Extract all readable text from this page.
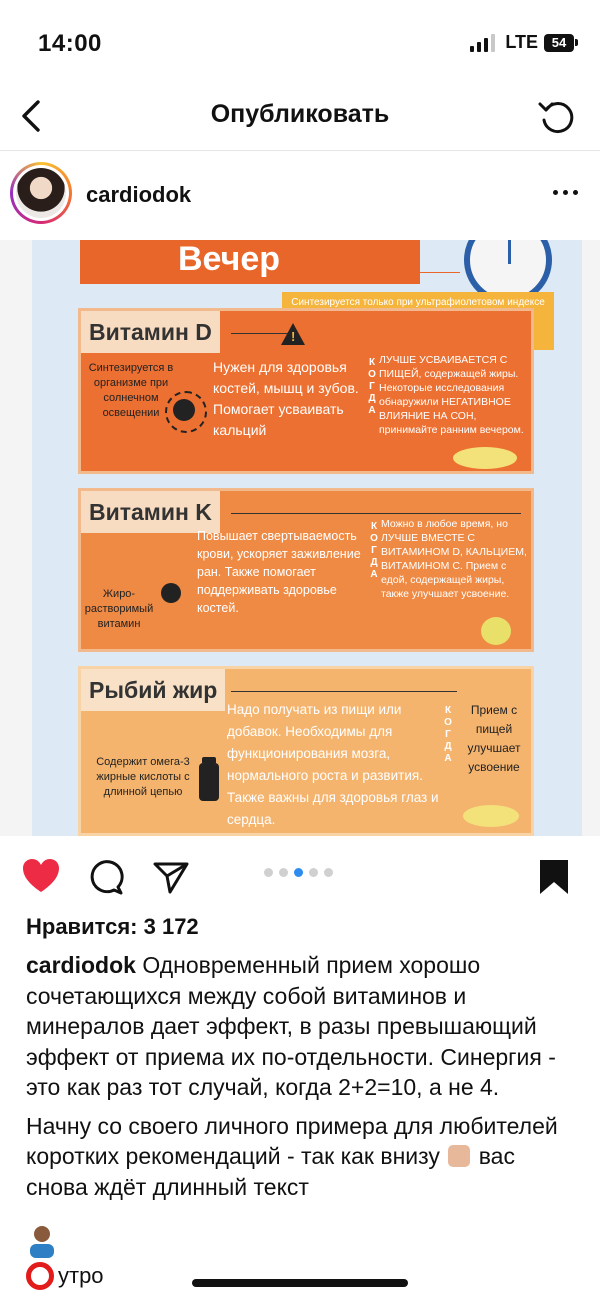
14:00	LTE	54
Опубликовать
cardiodok
Вечер
Синтезируется только при ультрафиолетовом индексе
Витамин D
!
Синтезируется в организме при солнечном освещении
Нужен для здоровья костей, мышц и зубов. Помогает усваивать кальций
К
О
Г
Д
А
ЛУЧШЕ УСВАИВАЕТСЯ С ПИЩЕЙ, содержащей жиры. Некоторые исследования обнаружили НЕГАТИВНОЕ ВЛИЯНИЕ НА СОН, принимайте ранним вечером.
Витамин K
Жиро-растворимый витамин
Повышает свертываемость крови, ускоряет заживление ран. Также помогает поддерживать здоровье костей.
К
О
Г
Д
А
Можно в любое время, но ЛУЧШЕ ВМЕСТЕ С ВИТАМИНОМ D, КАЛЬЦИЕМ, ВИТАМИНОМ С. Прием с едой, содержащей жиры, также улучшает усвоение.
Рыбий жир
Содержит омега-3 жирные кислоты с длинной цепью
Надо получать из пищи или добавок. Необходимы для функционирования мозга, нормального роста и развития. Также важны для здоровья глаз и сердца.
К
О
Г
Д
А
Прием с пищей улучшает усвоение
Нравится: 3 172

cardiodok Одновременный прием хорошо сочетающихся между собой витаминов и минералов дает эффект, в разы превышающий эффект от приема их по-отдельности. Синергия - это как раз тот случай, когда 2+2=10, а не 4.

Начну со своего личного примера для любителей коротких рекомендаций - так как внизу вас снова ждёт длинный текст

утро
